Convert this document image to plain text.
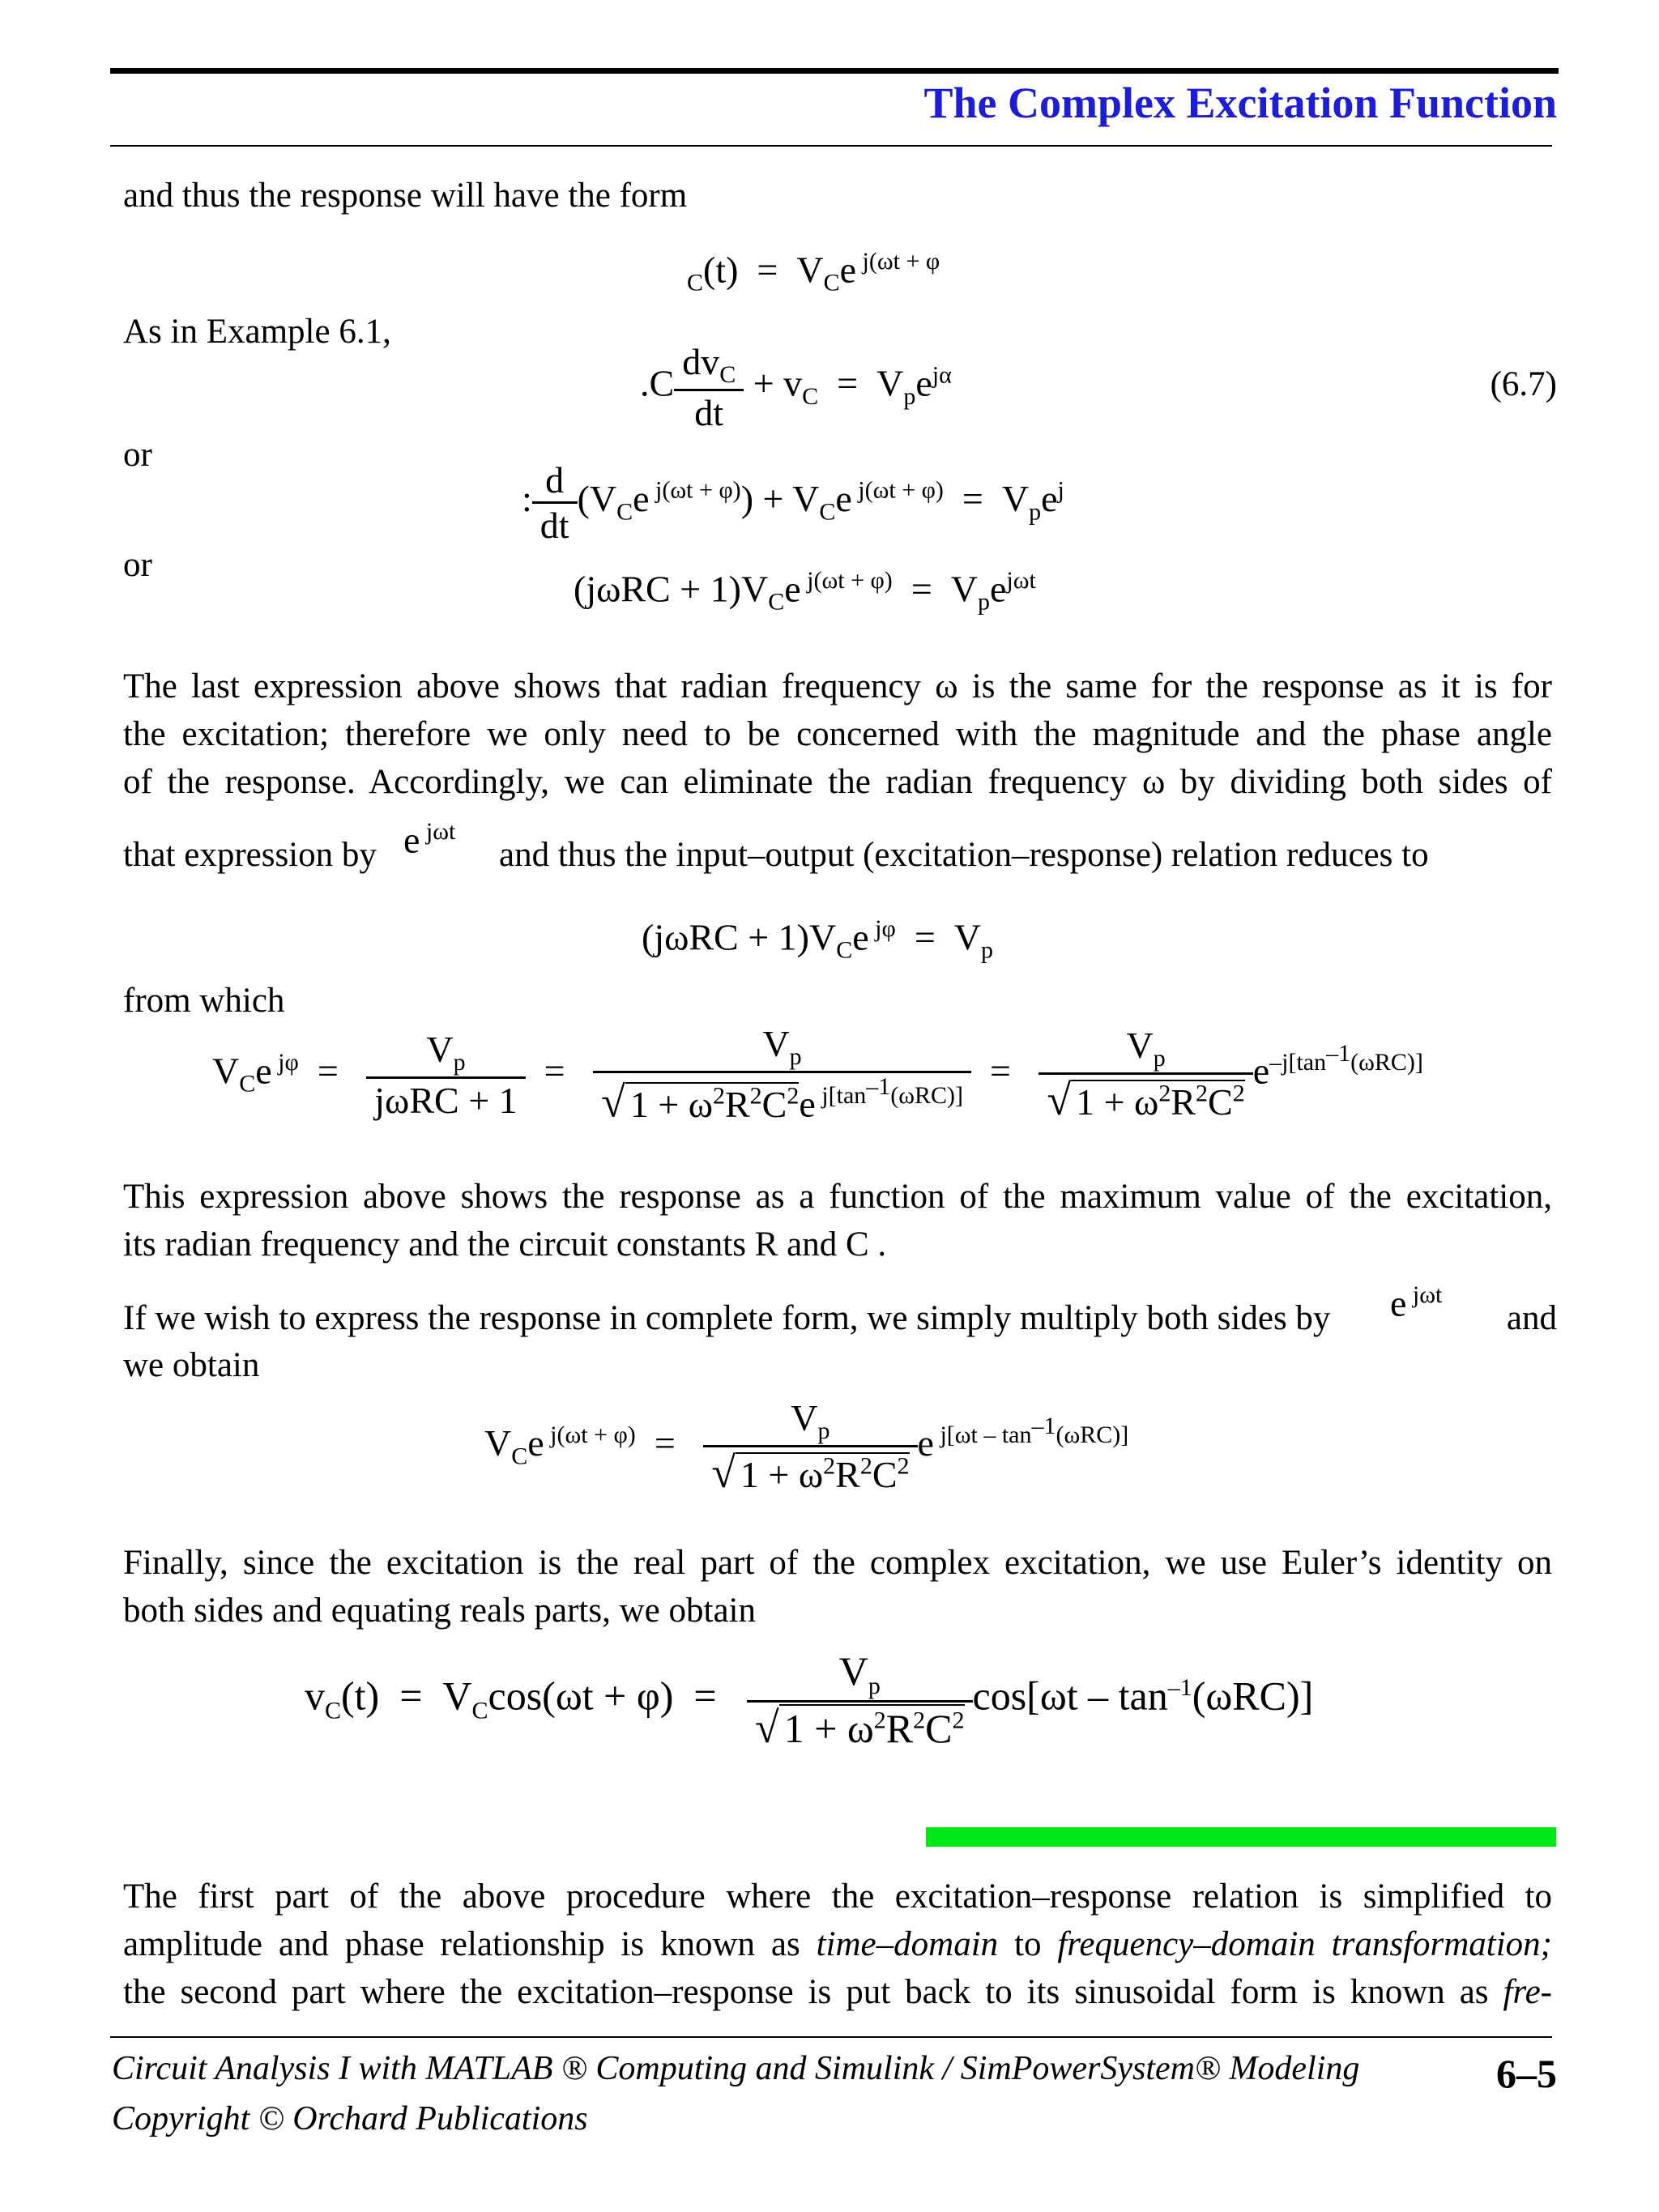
The Complex Excitation Function
and thus the response will have the form
$_C(t) = V_Ce$ $^{j(\omega t + \varphi}$
As in Example 6.1,
$.C \frac{dv_C}{dt} + v_C = V_pe^{j\alpha}$	(6.7)
or
: $\frac{d}{dt} (V_Ce$ $^{j(\omega t + \varphi)}) + V_Ce$ $^{j(\omega t + \varphi)} = V_pe^j$
or
$(j\omega RC + 1)V_Ce$ $^{j(\omega t + \varphi)} = V_pe^{j\omega t}$
The last expression above shows that radian frequency ω is the same for the response as it is for
the excitation; therefore we only need to be concerned with the magnitude and the phase angle
of the response. Accordingly, we can eliminate the radian frequency ω by dividing both sides of
that expression by e $^{j\omega t}$
and thus the input–output (excitation–response) relation reduces to
$(j\omega RC + 1)V_Ce$ $^{j\varphi} = V_p$
from which
$V_Ce$ $^{j\varphi} = \frac{V_p}{\text{jωRC + 1}} = \frac{V_p}{√ 1 + \omega^2R^2C^2e ^{j[tan^{-1}(\omega RC)]}} = \frac{V_p}{√ 1 + \omega^2R^2C^2} e^{-j[tan^{-1}(\omega RC)]}$
This expression above shows the response as a function of the maximum value of the excitation,
its radian frequency and the circuit constants R and C .
If we wish to express the response in complete form, we simply multiply both sides by e $^{j\omega t}$
and
we obtain
$V_Ce$ $^{j(\omega t + \varphi)} = \frac{V_p}{√ 1 + \omega^2R^2C^2}$ e $^{j[\omega t - tan^{-1}(\omega RC)]}$
Finally, since the excitation is the real part of the complex excitation, we use Euler’s identity on
both sides and equating reals parts, we obtain
$v_C(t) = V_C\cos(\omega t + \varphi) = \frac{V_p}{√ 1 + \omega^2R^2C^2} \cos[\omega t - \tan^{-1}(\omega RC)]$
The first part of the above procedure where the excitation–response relation is simplified to
amplitude and phase relationship is known as time–domain to frequency–domain transformation;
the second part where the excitation–response is put back to its sinusoidal form is known as fre-
Circuit Analysis I with MATLAB ® Computing and Simulink / SimPowerSystem® Modeling
Copyright © Orchard Publications
6–5
